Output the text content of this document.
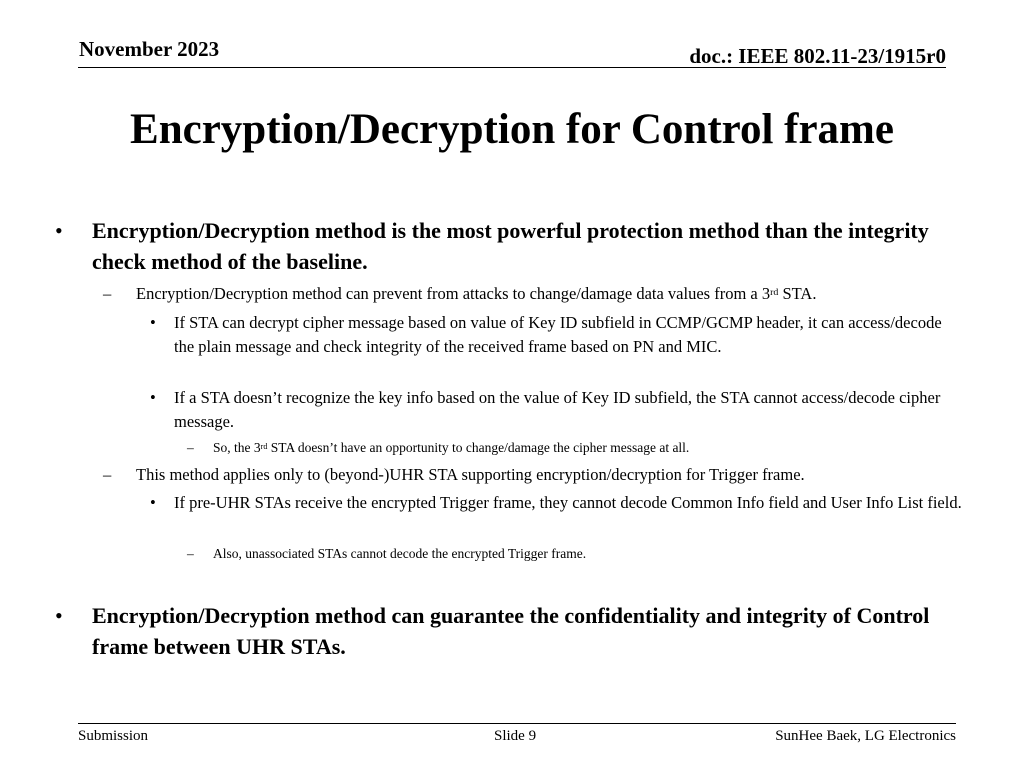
November 2023	doc.: IEEE 802.11-23/1915r0
Encryption/Decryption for Control frame
• Encryption/Decryption method is the most powerful protection method than the integrity check method of the baseline.
– Encryption/Decryption method can prevent from attacks to change/damage data values from a 3rd STA.
• If STA can decrypt cipher message based on value of Key ID subfield in CCMP/GCMP header, it can access/decode the plain message and check integrity of the received frame based on PN and MIC.
• If a STA doesn’t recognize the key info based on the value of Key ID subfield, the STA cannot access/decode cipher message.
– So, the 3rd STA doesn’t have an opportunity to change/damage the cipher message at all.
– This method applies only to (beyond-)UHR STA supporting encryption/decryption for Trigger frame.
• If pre-UHR STAs receive the encrypted Trigger frame, they cannot decode Common Info field and User Info List field.
– Also, unassociated STAs cannot decode the encrypted Trigger frame.
• Encryption/Decryption method can guarantee the confidentiality and integrity of Control frame between UHR STAs.
Submission	Slide 9	SunHee Baek, LG Electronics
